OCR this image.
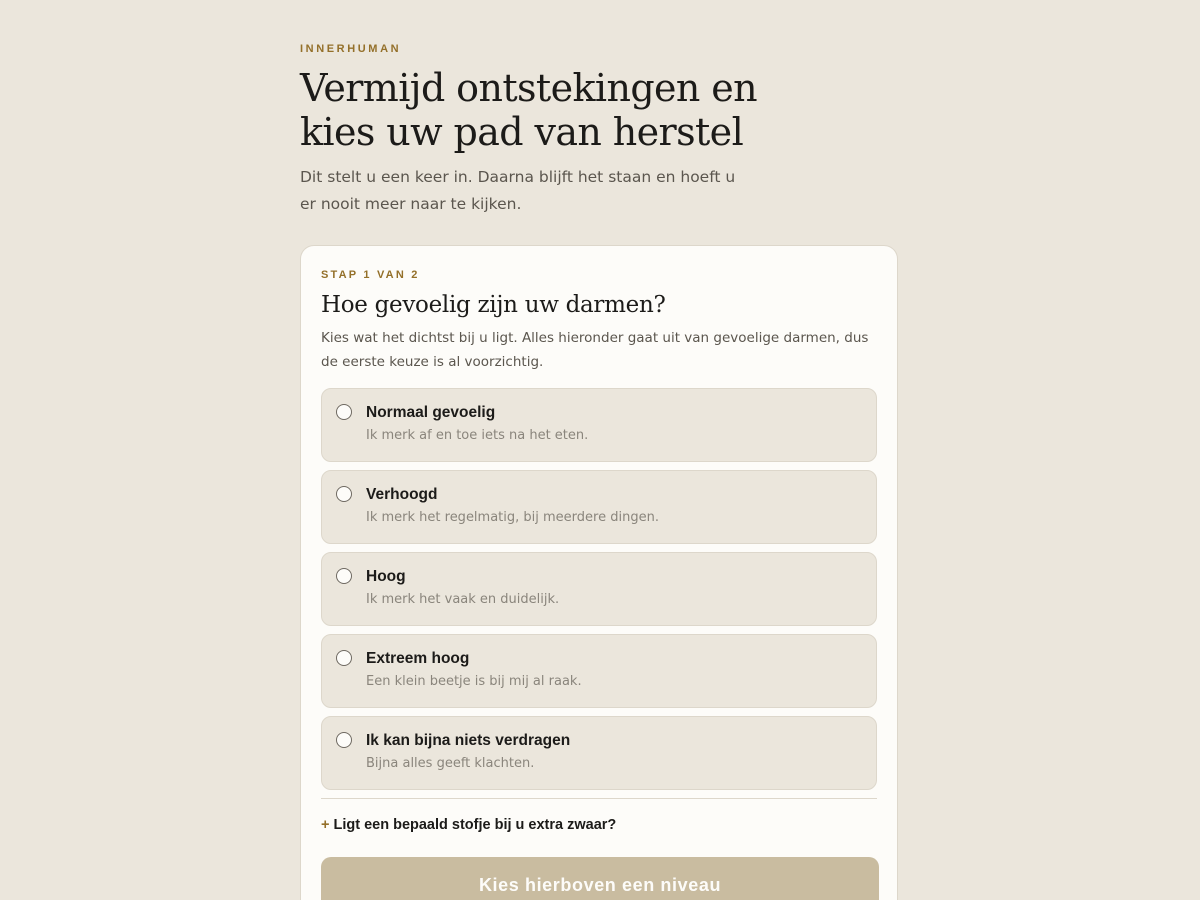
INNERHUMAN
Vermijd ontstekingen en kies uw pad van herstel

Dit stelt u een keer in. Daarna blijft het staan en hoeft u er nooit meer naar te kijken.

STAP 1 VAN 2
Hoe gevoelig zijn uw darmen?

Kies wat het dichtst bij u ligt. Alles hieronder gaat uit van gevoelige darmen, dus de eerste keuze is al voorzichtig.

Normaal gevoelig
Ik merk af en toe iets na het eten.
Verhoogd
Ik merk het regelmatig, bij meerdere dingen.
Hoog
Ik merk het vaak en duidelijk.
Extreem hoog
Een klein beetje is bij mij al raak.
Ik kan bijna niets verdragen
Bijna alles geeft klachten.
+ Ligt een bepaald stofje bij u extra zwaar?
Kies hierboven een niveau
